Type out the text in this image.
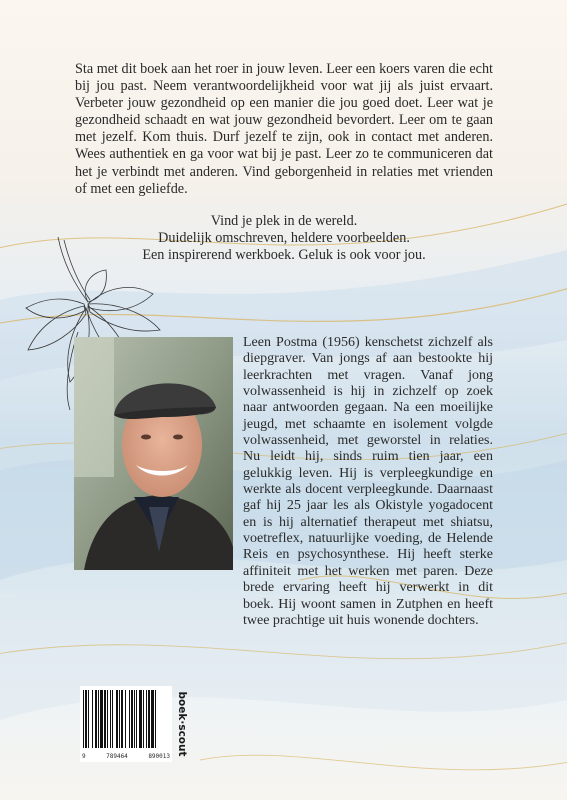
Sta met dit boek aan het roer in jouw leven. Leer een koers varen die echt bij jou past. Neem verantwoordelijkheid voor wat jij als juist ervaart. Verbeter jouw gezondheid op een manier die jou goed doet. Leer wat je gezondheid schaadt en wat jouw gezondheid bevordert. Leer om te gaan met jezelf. Kom thuis. Durf jezelf te zijn, ook in contact met anderen. Wees authentiek en ga voor wat bij je past. Leer zo te communiceren dat het je verbindt met anderen. Vind geborgenheid in relaties met vrienden of met een geliefde.

Vind je plek in de wereld.
Duidelijk omschreven, heldere voorbeelden.
Een inspirerend werkboek. Geluk is ook voor jou.
Leen Postma (1956) kenschetst zichzelf als diepgraver. Van jongs af aan bestookte hij leerkrachten met vragen. Vanaf jong volwassenheid is hij in zichzelf op zoek naar antwoorden gegaan. Na een moeilijke jeugd, met schaamte en isolement volgde volwassenheid, met geworstel in relaties. Nu leidt hij, sinds ruim tien jaar, een gelukkig leven. Hij is verpleegkundige en werkte als docent verpleegkunde. Daarnaast gaf hij 25 jaar les als Okistyle yogadocent en is hij alternatief therapeut met shiatsu, voetreflex, natuurlijke voeding, de Helende Reis en psychosynthese. Hij heeft sterke affiniteit met het werken met paren. Deze brede ervaring heeft hij verwerkt in dit boek. Hij woont samen in Zutphen en heeft twee prachtige uit huis wonende dochters.
9	789464	890013 boek·scout
